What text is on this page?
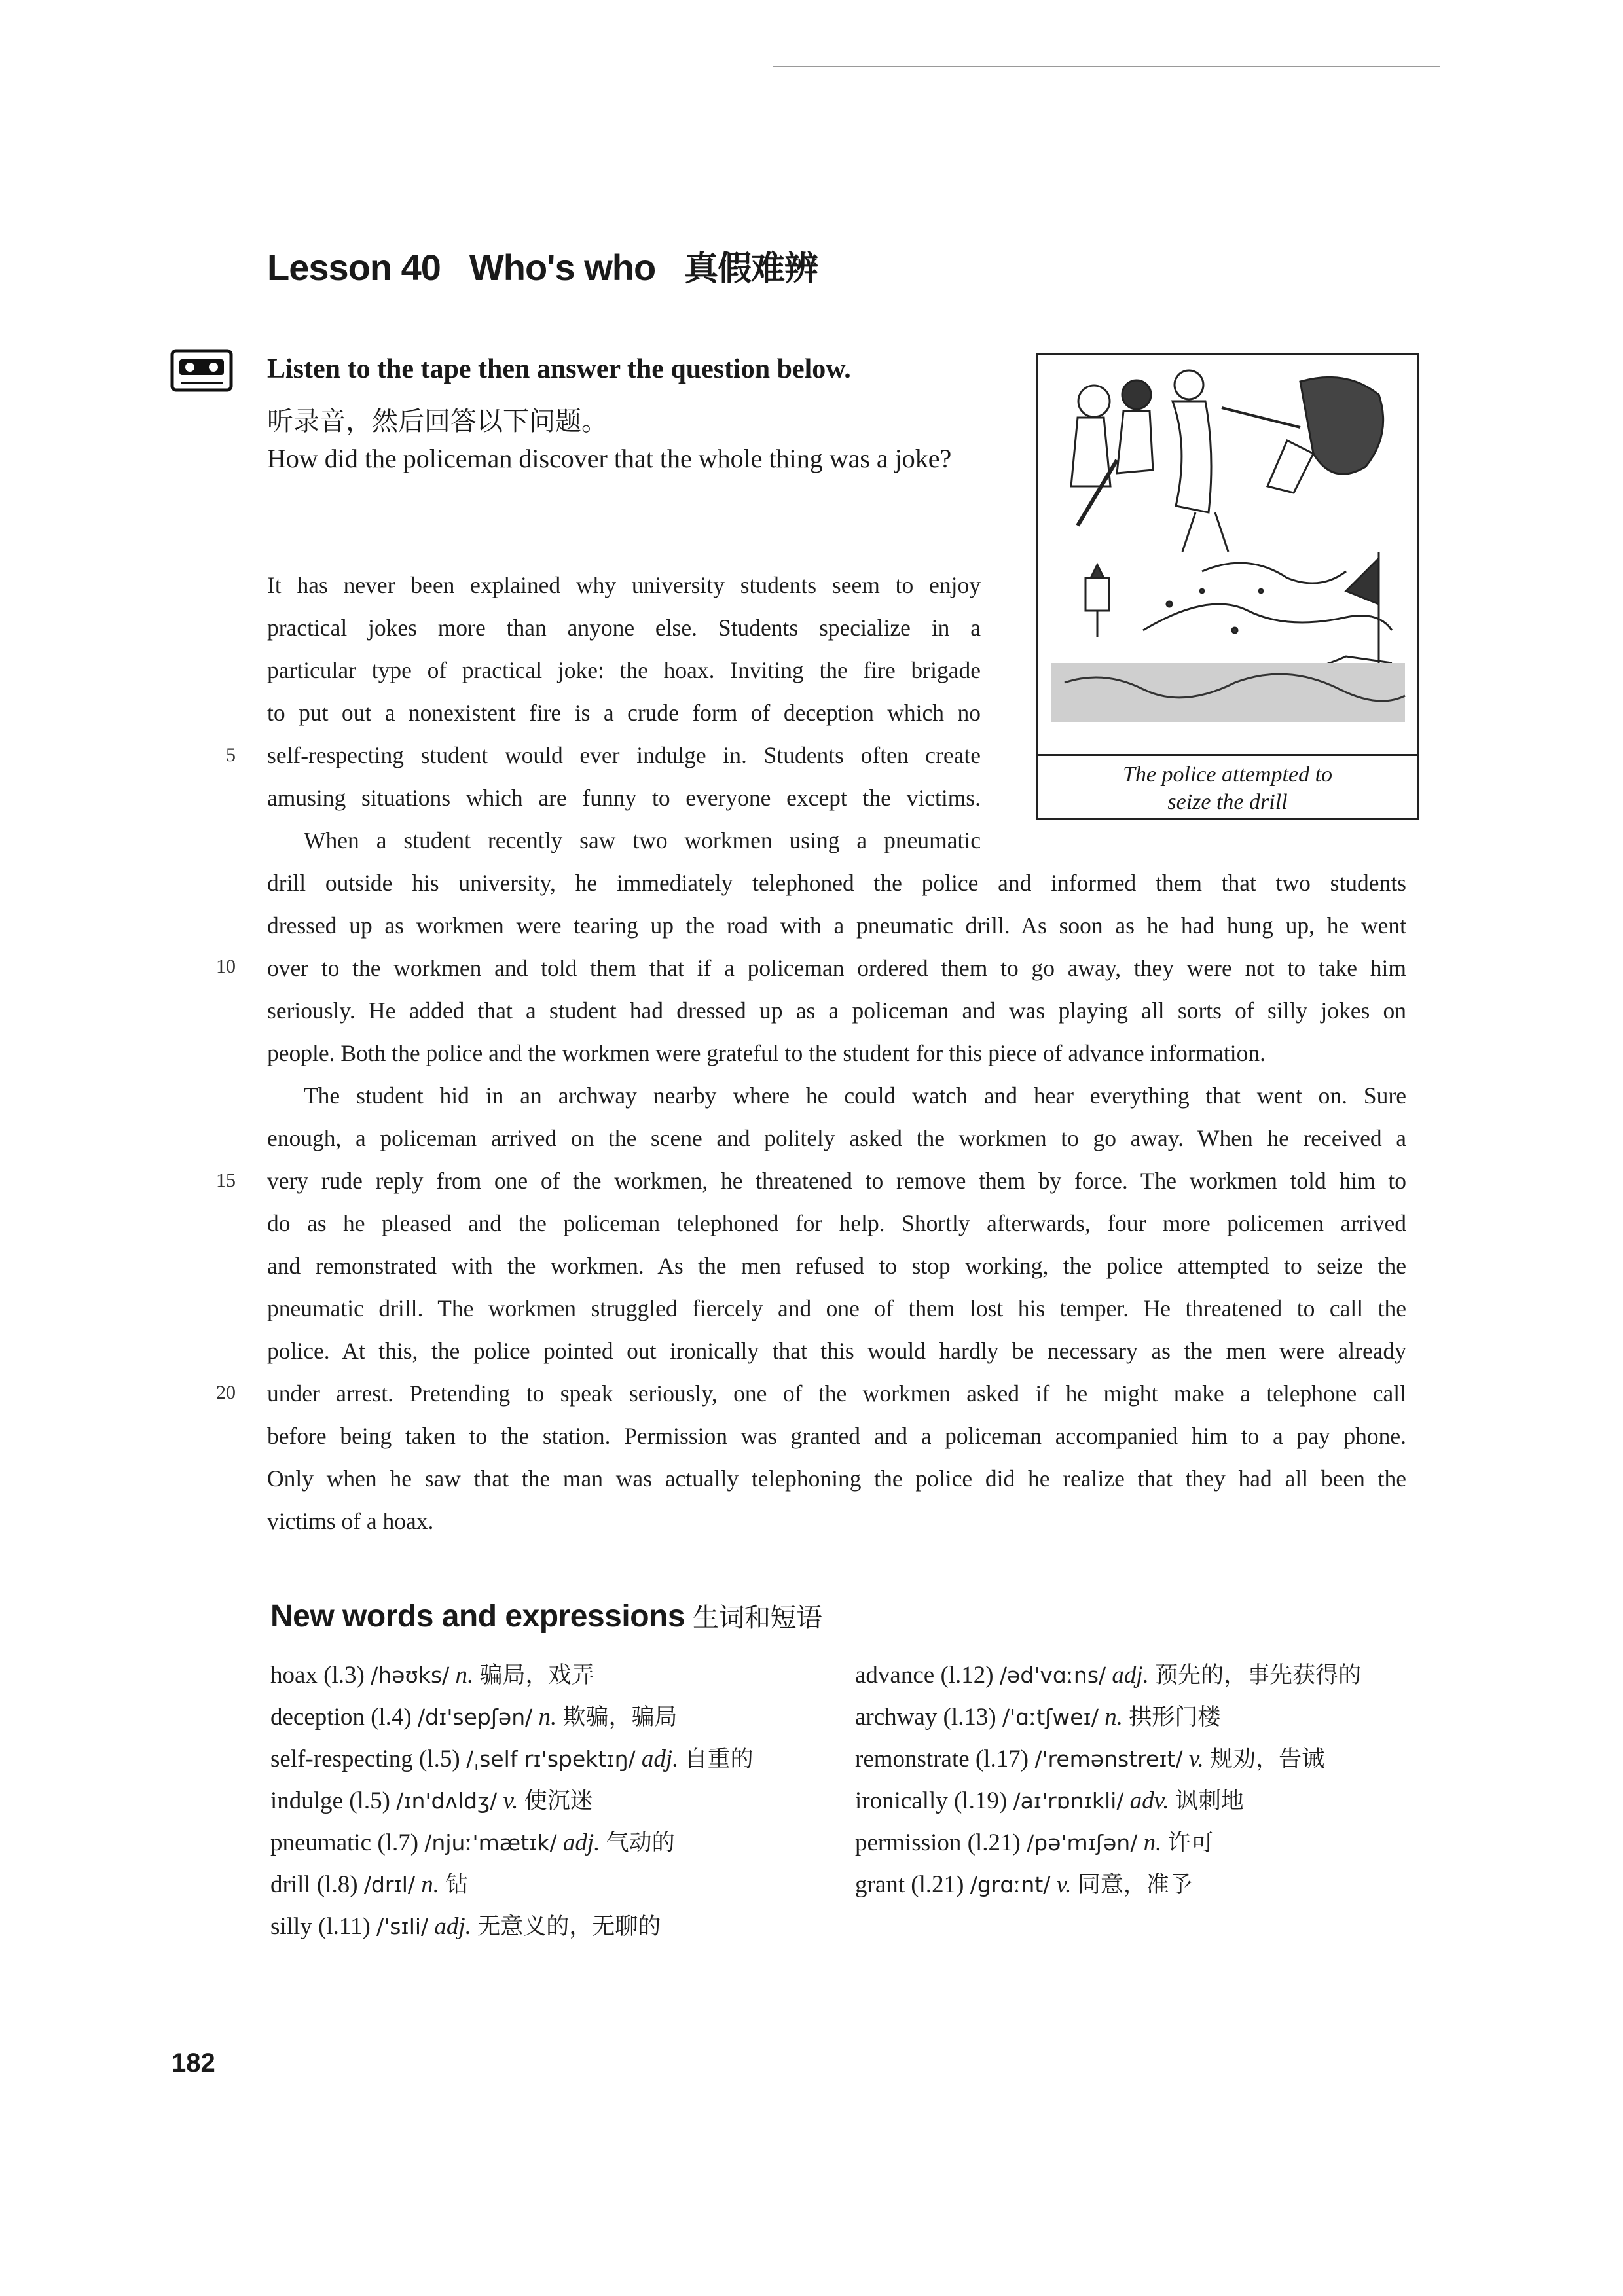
Lesson 40 Who's who 真假难辨
Listen to the tape then answer the question below.
听录音，然后回答以下问题。
How did the policeman discover that the whole thing was a joke?
The police attempted to
seize the drill

It has never been explained why university students seem to enjoy

practical jokes more than anyone else. Students specialize in a

particular type of practical joke: the hoax. Inviting the fire brigade

to put out a nonexistent fire is a crude form of deception which no

self-respecting student would ever indulge in. Students often create

amusing situations which are funny to everyone except the victims.

When a student recently saw two workmen using a pneumatic

drill outside his university, he immediately telephoned the police and informed them that two students

dressed up as workmen were tearing up the road with a pneumatic drill. As soon as he had hung up, he went

over to the workmen and told them that if a policeman ordered them to go away, they were not to take him

seriously. He added that a student had dressed up as a policeman and was playing all sorts of silly jokes on

people. Both the police and the workmen were grateful to the student for this piece of advance information.

The student hid in an archway nearby where he could watch and hear everything that went on. Sure

enough, a policeman arrived on the scene and politely asked the workmen to go away. When he received a

very rude reply from one of the workmen, he threatened to remove them by force. The workmen told him to

do as he pleased and the policeman telephoned for help. Shortly afterwards, four more policemen arrived

and remonstrated with the workmen. As the men refused to stop working, the police attempted to seize the

pneumatic drill. The workmen struggled fiercely and one of them lost his temper. He threatened to call the

police. At this, the police pointed out ironically that this would hardly be necessary as the men were already

under arrest. Pretending to speak seriously, one of the workmen asked if he might make a telephone call

before being taken to the station. Permission was granted and a policeman accompanied him to a pay phone.

Only when he saw that the man was actually telephoning the police did he realize that they had all been the

victims of a hoax.

5
10
15
20
New words and expressions 生词和短语
hoax (l.3) /həʊks/ n. 骗局，戏弄
deception (l.4) /dɪ'sepʃən/ n. 欺骗，骗局
self-respecting (l.5) /ˌself rɪ'spektɪŋ/ adj. 自重的
indulge (l.5) /ɪn'dʌldʒ/ v. 使沉迷
pneumatic (l.7) /njuː'mætɪk/ adj. 气动的
drill (l.8) /drɪl/ n. 钻
silly (l.11) /'sɪli/ adj. 无意义的，无聊的
advance (l.12) /əd'vɑːns/ adj. 预先的，事先获得的
archway (l.13) /'ɑːtʃweɪ/ n. 拱形门楼
remonstrate (l.17) /'remənstreɪt/ v. 规劝，告诫
ironically (l.19) /aɪ'rɒnɪkli/ adv. 讽刺地
permission (l.21) /pə'mɪʃən/ n. 许可
grant (l.21) /grɑːnt/ v. 同意，准予
182
